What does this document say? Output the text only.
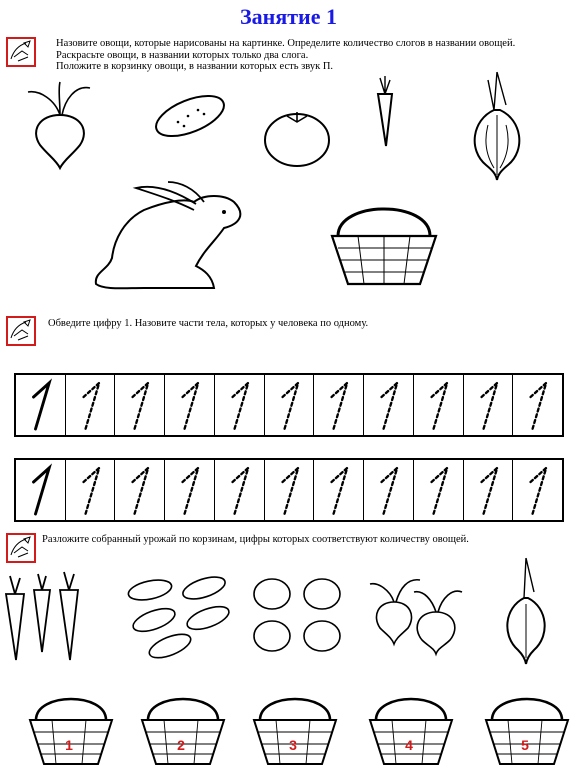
Занятие 1
Назовите овощи, которые нарисованы на картинке. Определите количество слогов в названии овощей.
Раскрасьте овощи, в названии которых только два слога.
Положите в корзинку овощи, в названии которых есть звук П.
Обведите цифру 1. Назовите части тела, которых у человека по одному.
Разложите собранный урожай по корзинам, цифры которых соответствуют количеству овощей.
1	2	3	4	5
